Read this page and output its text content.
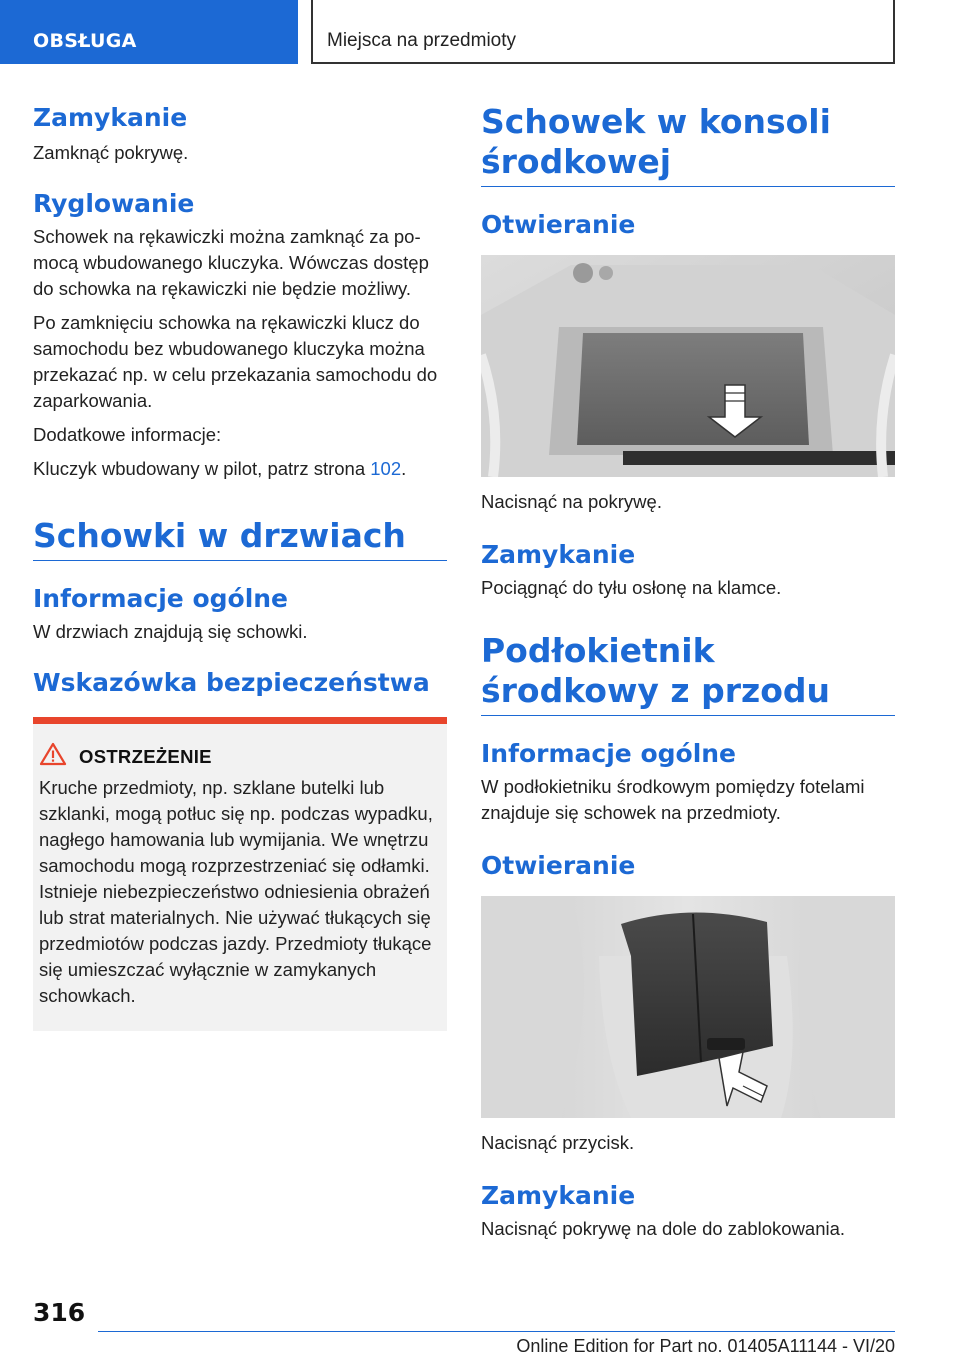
OBSŁUGA	Miejsca na przedmioty
Zamykanie

Zamknąć pokrywę.

Ryglowanie

Schowek na rękawiczki można zamknąć za pomocą wbudowanego kluczyka. Wówczas dostęp do schowka na rękawiczki nie będzie możliwy.

Po zamknięciu schowka na rękawiczki klucz do samochodu bez wbudowanego kluczyka można przekazać np. w celu przekazania samochodu do zaparkowania.

Dodatkowe informacje:

Kluczyk wbudowany w pilot, patrz strona 102.

Schowki w drzwiach
Informacje ogólne

W drzwiach znajdują się schowki.

Wskazówka bezpieczeństwa
OSTRZEŻENIE

Kruche przedmioty, np. szklane butelki lub szklanki, mogą potłuc się np. podczas wypadku, nagłego hamowania lub wymijania. We wnętrzu samochodu mogą rozprzestrzeniać się odłamki. Istnieje niebezpieczeństwo odniesienia obrażeń lub strat materialnych. Nie używać tłukących się przedmiotów podczas jazdy. Przedmioty tłukące się umieszczać wyłącznie w zamykanych schowkach.

Schowek w konsoli środkowej
Otwieranie

Nacisnąć na pokrywę.

Zamykanie

Pociągnąć do tyłu osłonę na klamce.

Podłokietnik środkowy z przodu
Informacje ogólne

W podłokietniku środkowym pomiędzy fotelami znajduje się schowek na przedmioty.

Otwieranie

Nacisnąć przycisk.

Zamykanie

Nacisnąć pokrywę na dole do zablokowania.

316
Online Edition for Part no. 01405A11144 - VI/20
